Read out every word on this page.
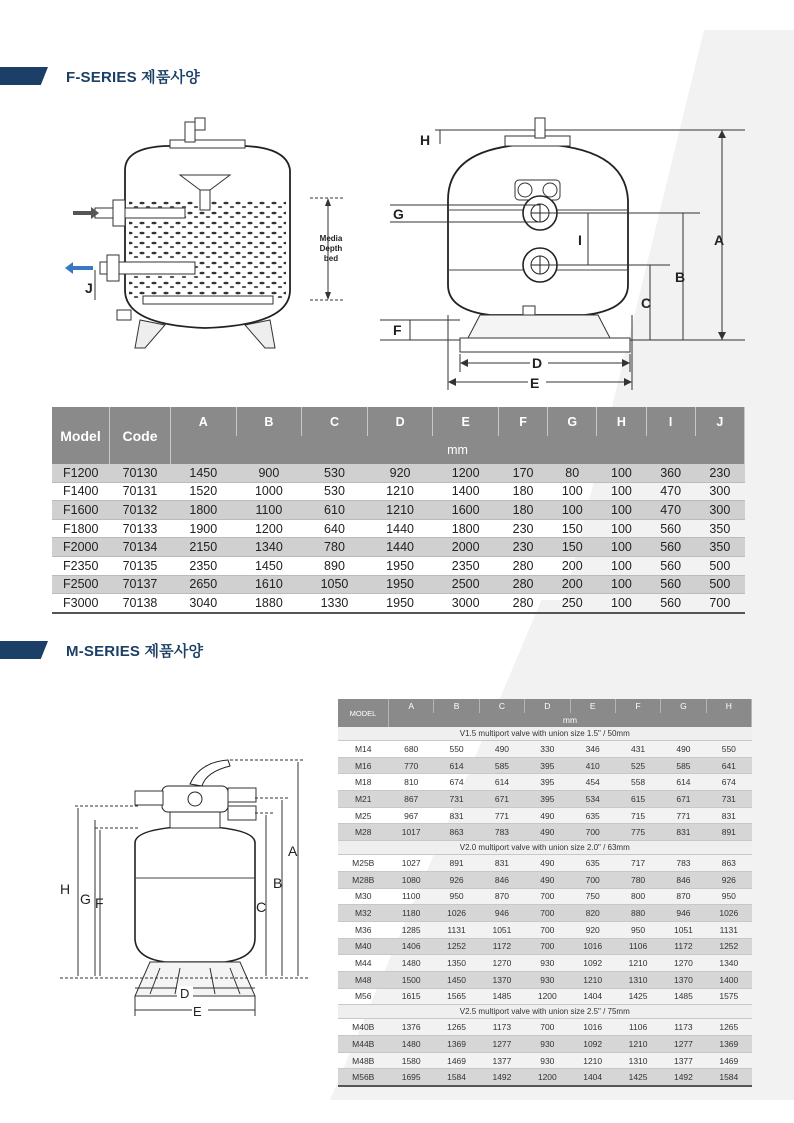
F-SERIES 제품사양
Media
Depth
bed
J
H
G
I
F
C
B
A
D
E
Model	Code	A	B	C	D	E	F	G	H	I	J
		mm									
F1200	70130	1450	900	530	920	1200	170	80	100	360	230
F1400	70131	1520	1000	530	1210	1400	180	100	100	470	300
F1600	70132	1800	1100	610	1210	1600	180	100	100	470	300
F1800	70133	1900	1200	640	1440	1800	230	150	100	560	350
F2000	70134	2150	1340	780	1440	2000	230	150	100	560	350
F2350	70135	2350	1450	890	1950	2350	280	200	100	560	500
F2500	70137	2650	1610	1050	1950	2500	280	200	100	560	500
F3000	70138	3040	1880	1330	1950	3000	280	250	100	560	700
M-SERIES 제품사양
A
B
C
H
G F
D
E
MODEL	A	B	C	D	E	F	G	H
	mm							
V1.5 multiport valve with union size 1.5" / 50mm								
M14	680	550	490	330	346	431	490	550
M16	770	614	585	395	410	525	585	641
M18	810	674	614	395	454	558	614	674
M21	867	731	671	395	534	615	671	731
M25	967	831	771	490	635	715	771	831
M28	1017	863	783	490	700	775	831	891
V2.0 multiport valve with union size 2.0" / 63mm								
M25B	1027	891	831	490	635	717	783	863
M28B	1080	926	846	490	700	780	846	926
M30	1100	950	870	700	750	800	870	950
M32	1180	1026	946	700	820	880	946	1026
M36	1285	1131	1051	700	920	950	1051	1131
M40	1406	1252	1172	700	1016	1106	1172	1252
M44	1480	1350	1270	930	1092	1210	1270	1340
M48	1500	1450	1370	930	1210	1310	1370	1400
M56	1615	1565	1485	1200	1404	1425	1485	1575
V2.5 multiport valve with union size 2.5" / 75mm								
M40B	1376	1265	1173	700	1016	1106	1173	1265
M44B	1480	1369	1277	930	1092	1210	1277	1369
M48B	1580	1469	1377	930	1210	1310	1377	1469
M56B	1695	1584	1492	1200	1404	1425	1492	1584
